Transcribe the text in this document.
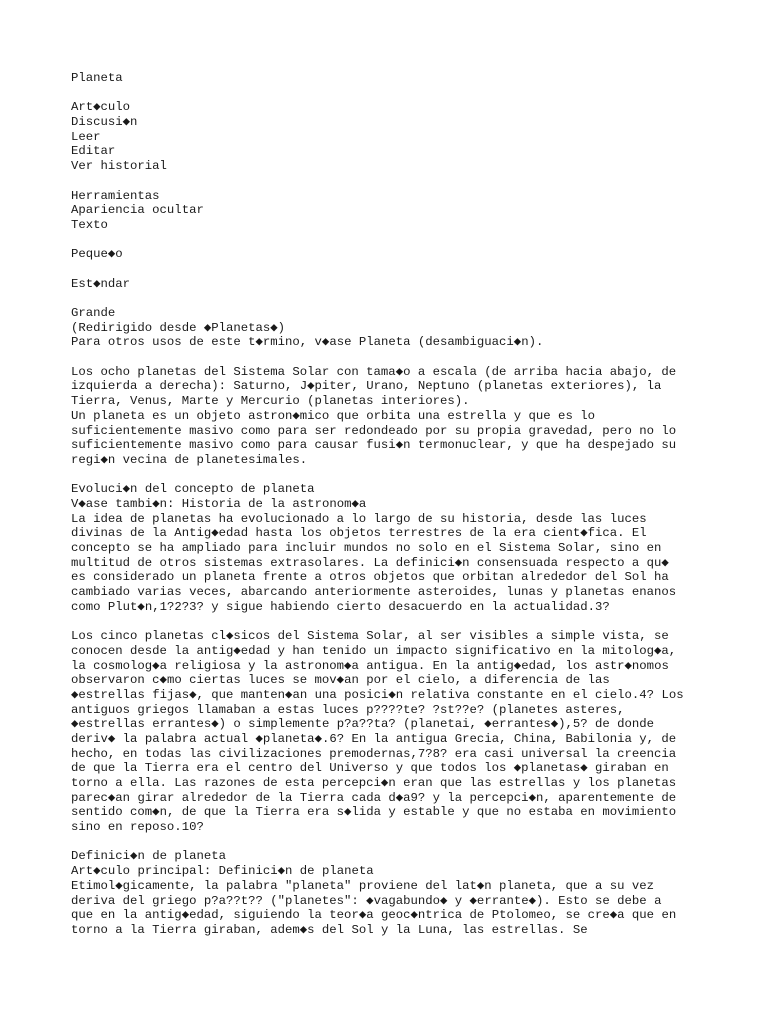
Planeta
Art◆culo
Discusi◆n
Leer
Editar
Ver historial
Herramientas
Apariencia ocultar
Texto
Peque◆o
Est◆ndar
Grande
(Redirigido desde ◆Planetas◆)
Para otros usos de este t◆rmino, v◆ase Planeta (desambiguaci◆n).
Los ocho planetas del Sistema Solar con tama◆o a escala (de arriba hacia abajo, de
izquierda a derecha): Saturno, J◆piter, Urano, Neptuno (planetas exteriores), la
Tierra, Venus, Marte y Mercurio (planetas interiores).
Un planeta es un objeto astron◆mico que orbita una estrella y que es lo
suficientemente masivo como para ser redondeado por su propia gravedad, pero no lo
suficientemente masivo como para causar fusi◆n termonuclear, y que ha despejado su
regi◆n vecina de planetesimales.
Evoluci◆n del concepto de planeta
V◆ase tambi◆n: Historia de la astronom◆a
La idea de planetas ha evolucionado a lo largo de su historia, desde las luces
divinas de la Antig◆edad hasta los objetos terrestres de la era cient◆fica. El
concepto se ha ampliado para incluir mundos no solo en el Sistema Solar, sino en
multitud de otros sistemas extrasolares. La definici◆n consensuada respecto a qu◆
es considerado un planeta frente a otros objetos que orbitan alrededor del Sol ha
cambiado varias veces, abarcando anteriormente asteroides, lunas y planetas enanos
como Plut◆n,1?2?3? y sigue habiendo cierto desacuerdo en la actualidad.3?
Los cinco planetas cl◆sicos del Sistema Solar, al ser visibles a simple vista, se
conocen desde la antig◆edad y han tenido un impacto significativo en la mitolog◆a,
la cosmolog◆a religiosa y la astronom◆a antigua. En la antig◆edad, los astr◆nomos
observaron c◆mo ciertas luces se mov◆an por el cielo, a diferencia de las
◆estrellas fijas◆, que manten◆an una posici◆n relativa constante en el cielo.4? Los
antiguos griegos llamaban a estas luces p????te? ?st??e? (planetes asteres,
◆estrellas errantes◆) o simplemente p?a??ta? (planetai, ◆errantes◆),5? de donde
deriv◆ la palabra actual ◆planeta◆.6? En la antigua Grecia, China, Babilonia y, de
hecho, en todas las civilizaciones premodernas,7?8? era casi universal la creencia
de que la Tierra era el centro del Universo y que todos los ◆planetas◆ giraban en
torno a ella. Las razones de esta percepci◆n eran que las estrellas y los planetas
parec◆an girar alrededor de la Tierra cada d◆a9? y la percepci◆n, aparentemente de
sentido com◆n, de que la Tierra era s◆lida y estable y que no estaba en movimiento
sino en reposo.10?
Definici◆n de planeta
Art◆culo principal: Definici◆n de planeta
Etimol◆gicamente, la palabra "planeta" proviene del lat◆n planeta, que a su vez
deriva del griego p?a??t?? ("planetes": ◆vagabundo◆ y ◆errante◆). Esto se debe a
que en la antig◆edad, siguiendo la teor◆a geoc◆ntrica de Ptolomeo, se cre◆a que en
torno a la Tierra giraban, adem◆s del Sol y la Luna, las estrellas. Se
